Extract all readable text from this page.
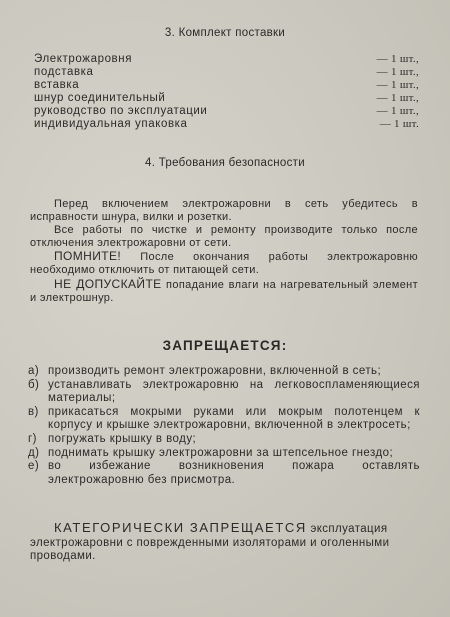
3. Комплект поставки
Электрожаровня	— 1 шт.,
подставка	— 1 шт.,
вставка	— 1 шт.,
шнур соединительный	— 1 шт.,
руководство по эксплуатации	— 1 шт.,
индивидуальная упаковка	— 1 шт.
4. Требования безопасности

Перед включением электрожаровни в сеть убедитесь в исправности шнура, вилки и розетки.

Все работы по чистке и ремонту производите только после отключения электрожаровни от сети.

ПОМНИТЕ! После окончания работы электрожаровню необходимо отключить от питающей сети.

НЕ ДОПУСКАЙТЕ попадание влаги на нагревательный элемент и электрошнур.

ЗАПРЕЩАЕТСЯ:
а) производить ремонт электрожаровни, включенной в сеть;
б) устанавливать электрожаровню на легковоспламеняющиеся материалы;
в) прикасаться мокрыми руками или мокрым полотенцем к корпусу и крышке электрожаровни, включенной в электросеть;
г) погружать крышку в воду;
д) поднимать крышку электрожаровни за штепсельное гнездо;
е) во избежание возникновения пожара оставлять электрожаровню без присмотра.

КАТЕГОРИЧЕСКИ ЗАПРЕЩАЕТСЯ эксплуатация электрожаровни с поврежденными изоляторами и оголенными проводами.
